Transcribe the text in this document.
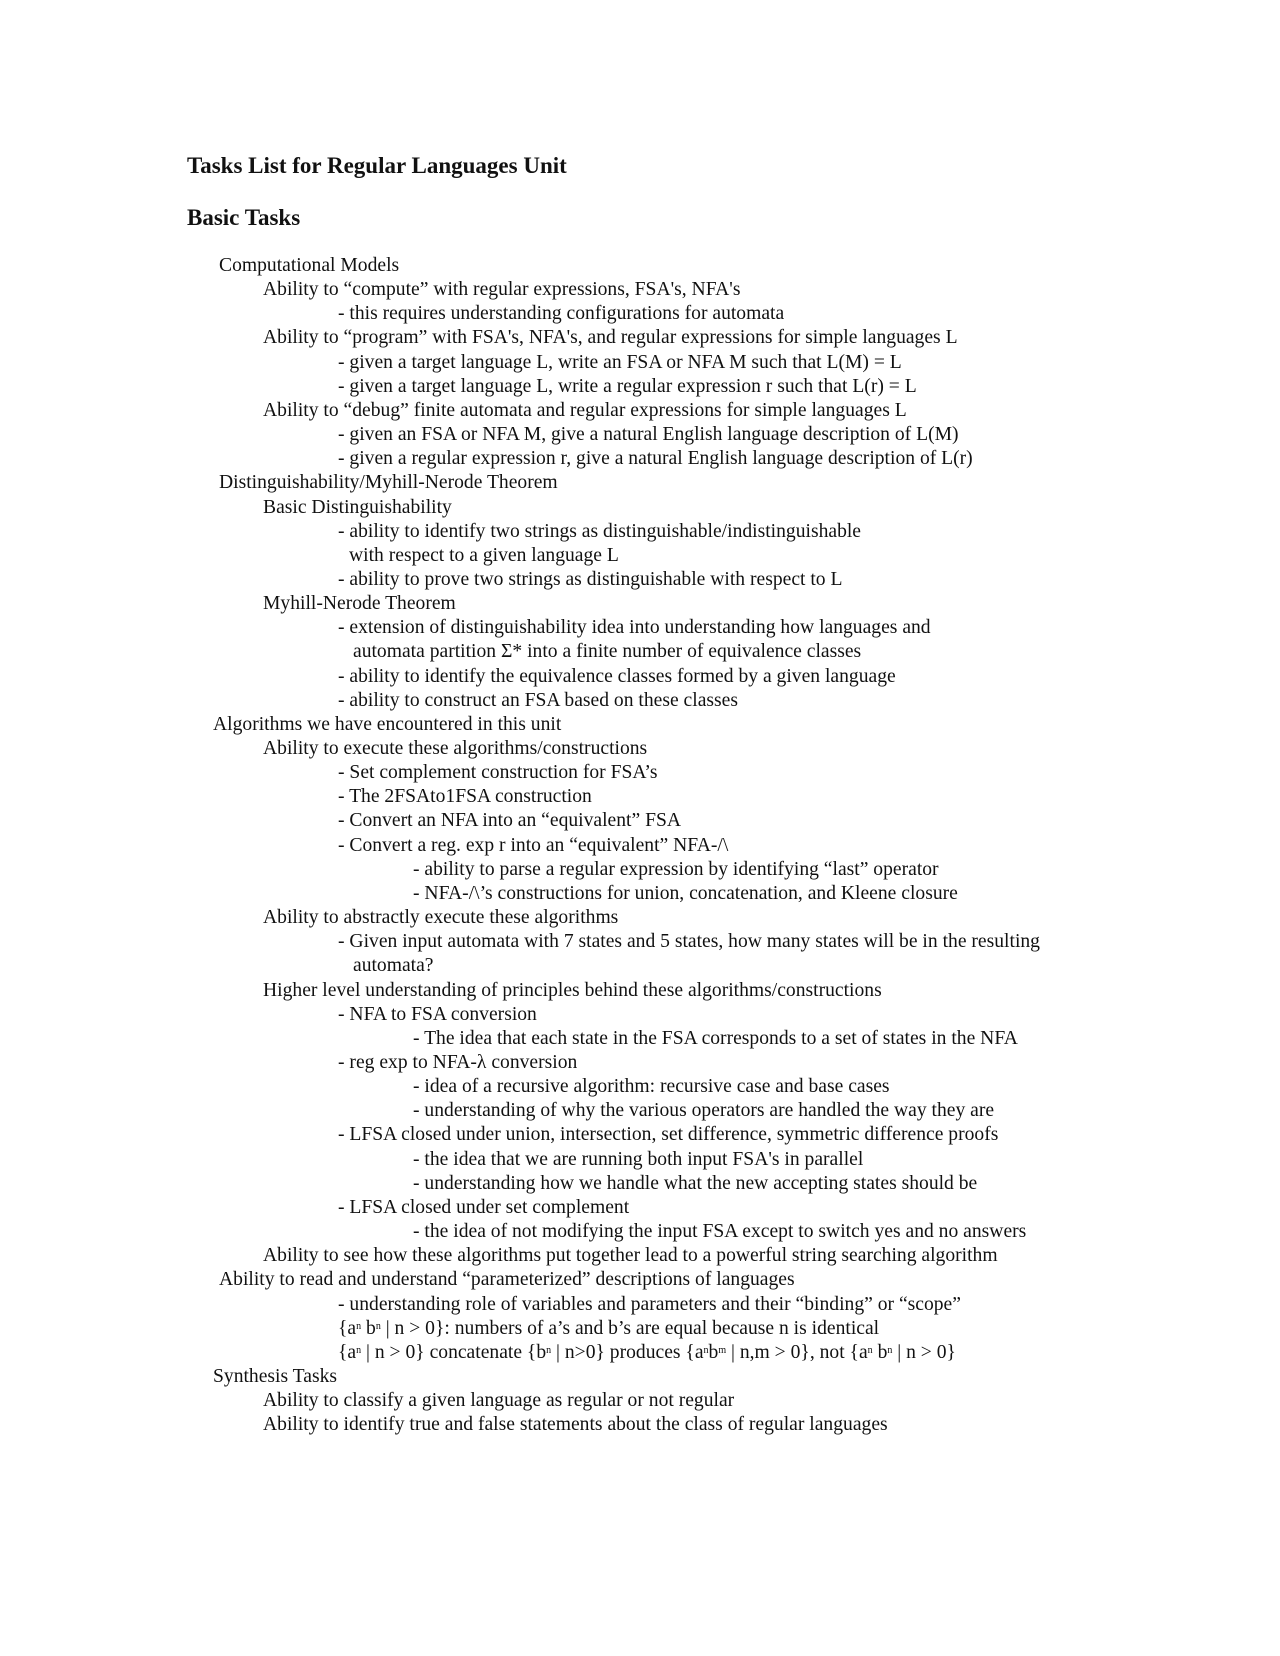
Tasks List for Regular Languages Unit
Basic Tasks
Computational Models
Ability to “compute” with regular expressions, FSA's, NFA's
- this requires understanding configurations for automata
Ability to “program” with FSA's, NFA's, and regular expressions for simple languages L
- given a target language L, write an FSA or NFA M such that L(M) = L
- given a target language L, write a regular expression r such that L(r) = L
Ability to “debug” finite automata and regular expressions for simple languages L
- given an FSA or NFA M, give a natural English language description of L(M)
- given a regular expression r, give a natural English language description of L(r)
Distinguishability/Myhill-Nerode Theorem
Basic Distinguishability
- ability to identify two strings as distinguishable/indistinguishable
with respect to a given language L
- ability to prove two strings as distinguishable with respect to L
Myhill-Nerode Theorem
- extension of distinguishability idea into understanding how languages and
automata partition Σ* into a finite number of equivalence classes
- ability to identify the equivalence classes formed by a given language
- ability to construct an FSA based on these classes
Algorithms we have encountered in this unit
Ability to execute these algorithms/constructions
- Set complement construction for FSA’s
- The 2FSAto1FSA construction
- Convert an NFA into an “equivalent” FSA
- Convert a reg. exp r into an “equivalent” NFA-/\
- ability to parse a regular expression by identifying “last” operator
- NFA-/\’s constructions for union, concatenation, and Kleene closure
Ability to abstractly execute these algorithms
- Given input automata with 7 states and 5 states, how many states will be in the resulting
automata?
Higher level understanding of principles behind these algorithms/constructions
- NFA to FSA conversion
- The idea that each state in the FSA corresponds to a set of states in the NFA
- reg exp to NFA-λ conversion
- idea of a recursive algorithm: recursive case and base cases
- understanding of why the various operators are handled the way they are
- LFSA closed under union, intersection, set difference, symmetric difference proofs
- the idea that we are running both input FSA's in parallel
- understanding how we handle what the new accepting states should be
- LFSA closed under set complement
- the idea of not modifying the input FSA except to switch yes and no answers
Ability to see how these algorithms put together lead to a powerful string searching algorithm
Ability to read and understand “parameterized” descriptions of languages
- understanding role of variables and parameters and their “binding” or “scope”
{$a^n$ $b^n$ | n > 0}: numbers of a’s and b’s are equal because n is identical
{$a^n$ | n > 0} concatenate {$b^n$ | n>0} produces {$a^nb^m$ | n,m > 0}, not {$a^n$ $b^n$ | n > 0}
Synthesis Tasks
Ability to classify a given language as regular or not regular
Ability to identify true and false statements about the class of regular languages
